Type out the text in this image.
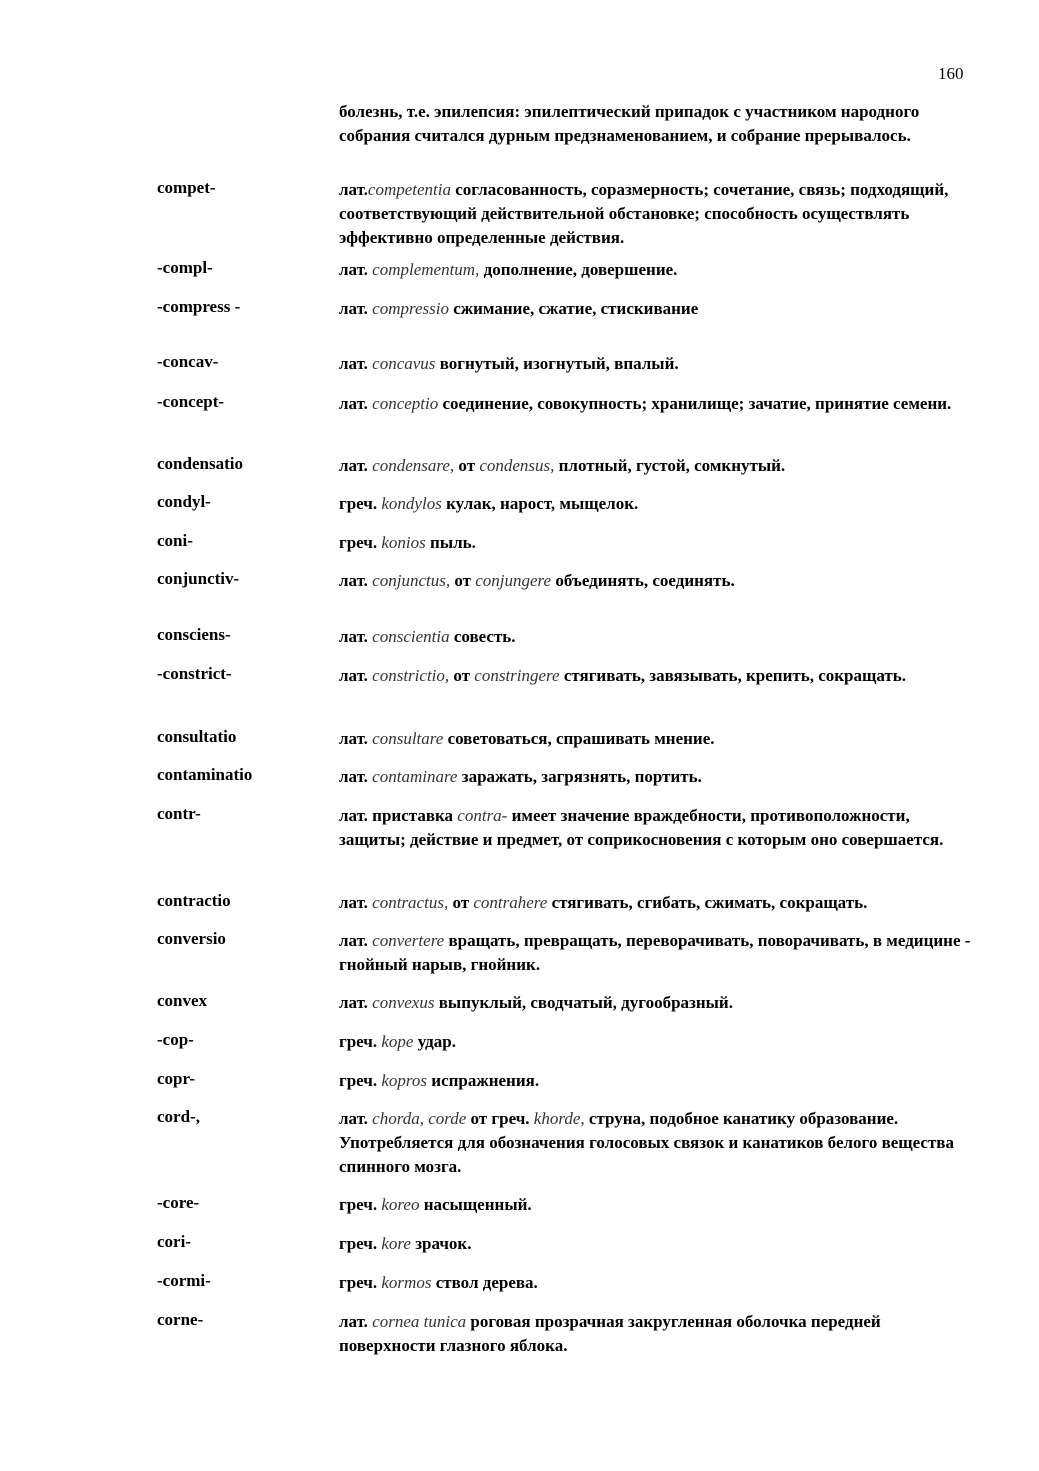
160
болезнь, т.е. эпилепсия: эпилептический припадок с участником народного собрания считался дурным предзнаменованием, и собрание прерывалось.
compet-	лат.competentia согласованность, соразмерность; сочетание, связь; подходящий, соответствующий действительной обстановке; способность осуществлять эффективно определенные действия.
-compl-	лат. complementum, дополнение, довершение.
-compress -	лат. compressio сжимание, сжатие, стискивание
-concav-	лат. concavus вогнутый, изогнутый, впалый.
-concept-	лат. conceptio соединение, совокупность; хранилище; зачатие, принятие семени.
condensatio	лат. condensare, от condensus, плотный, густой, сомкнутый.
condyl-	греч. kondylos кулак, нарост, мыщелок.
coni-	греч. konios пыль.
conjunctiv-	лат. conjunctus, от conjungere объединять, соединять.
consciens-	лат. conscientia совесть.
-constrict-	лат. constrictio, от constringere стягивать, завязывать, крепить, сокращать.
consultatio	лат. consultare советоваться, спрашивать мнение.
contaminatio	лат. contaminare заражать, загрязнять, портить.
contr-	лат. приставка contra- имеет значение враждебности, противоположности, защиты; действие и предмет, от соприкосновения с которым оно совершается.
contractio	лат. contractus, от contrahere стягивать, сгибать, сжимать, сокращать.
conversio	лат. convertere вращать, превращать, переворачивать, поворачивать, в медицине - гнойный нарыв, гнойник.
convex	лат. convexus выпуклый, сводчатый, дугообразный.
-cop-	греч. kope удар.
copr-	греч. kopros испражнения.
cord-,	лат. chorda, corde от греч. khorde, струна, подобное канатику образование. Употребляется для обозначения голосовых связок и канатиков белого вещества спинного мозга.
-core-	греч. koreo насыщенный.
cori-	греч. kore зрачок.
-cormi-	греч. kormos ствол дерева.
corne-	лат. cornea tunica роговая прозрачная закругленная оболочка передней поверхности глазного яблока.
